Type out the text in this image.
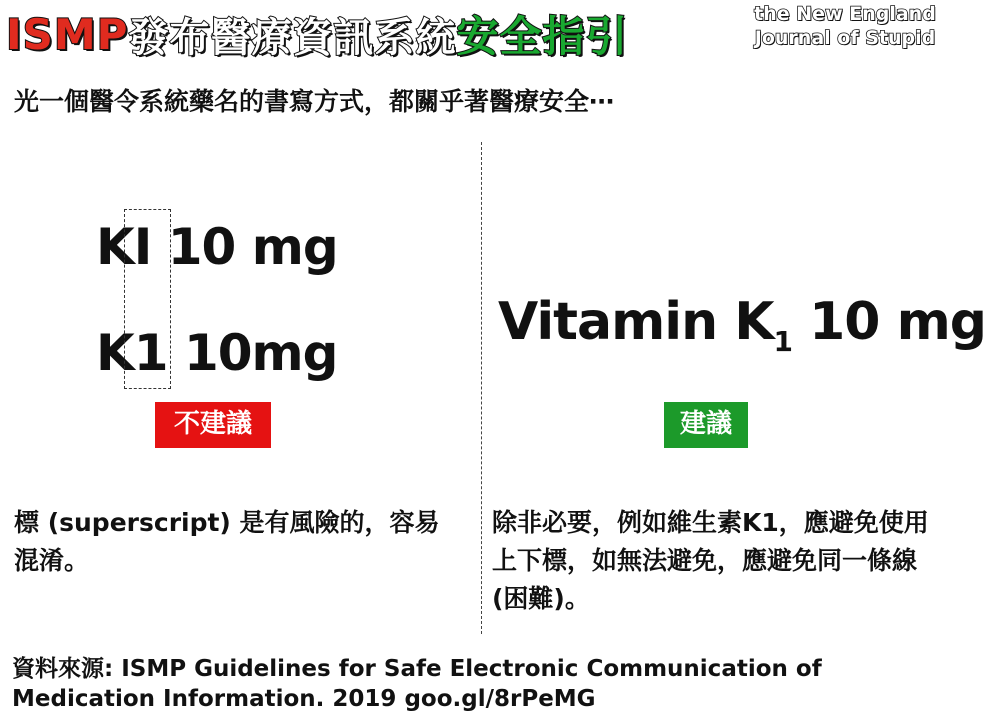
ISMP 發布醫療資訊系統 安全指引	the New England
Journal of Stupid
光一個醫令系統藥名的書寫方式，都關乎著醫療安全⋯
KI 10 mg
K1 10mg
不建議
Vitamin $K_1$ 10 mg
建議
標 (superscript) 是有風險的，容易混淆。
除非必要，例如維生素K1，應避免使用上下標，如無法避免，應避免同一條線 (困難)。
資料來源: ISMP Guidelines for Safe Electronic Communication of Medication Information. 2019 goo.gl/8rPeMG
